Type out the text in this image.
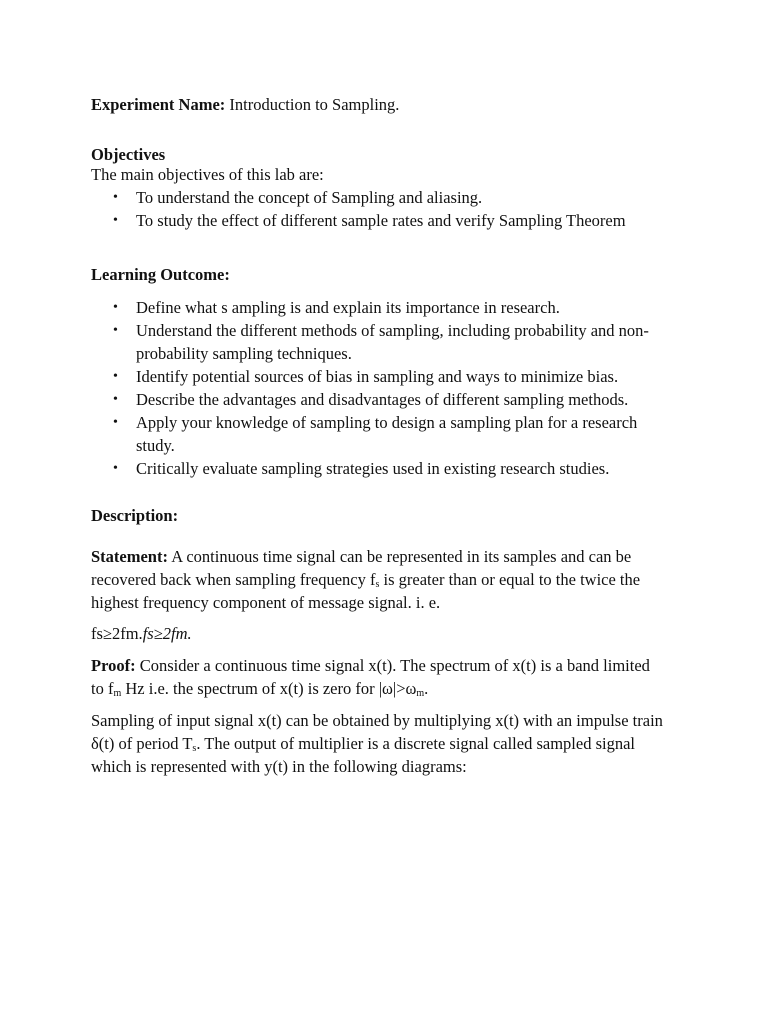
Experiment Name: Introduction to Sampling.
Objectives
The main objectives of this lab are:
• To understand the concept of Sampling and aliasing.
• To study the effect of different sample rates and verify Sampling Theorem
Learning Outcome:
• Define what s ampling is and explain its importance in research.
• Understand the different methods of sampling, including probability and non-probability sampling techniques.
• Identify potential sources of bias in sampling and ways to minimize bias.
• Describe the advantages and disadvantages of different sampling methods.
• Apply your knowledge of sampling to design a sampling plan for a research study.
• Critically evaluate sampling strategies used in existing research studies.
Description:
Statement: A continuous time signal can be represented in its samples and can be recovered back when sampling frequency $f_s$ is greater than or equal to the twice the highest frequency component of message signal. i. e.
fs≥2fm.fs≥2fm.
Proof: Consider a continuous time signal x(t). The spectrum of x(t) is a band limited to $f_m$ Hz i.e. the spectrum of x(t) is zero for $|\omega|>\omega_m$.
Sampling of input signal x(t) can be obtained by multiplying x(t) with an impulse train δ(t) of period $T_s$. The output of multiplier is a discrete signal called sampled signal which is represented with y(t) in the following diagrams:
